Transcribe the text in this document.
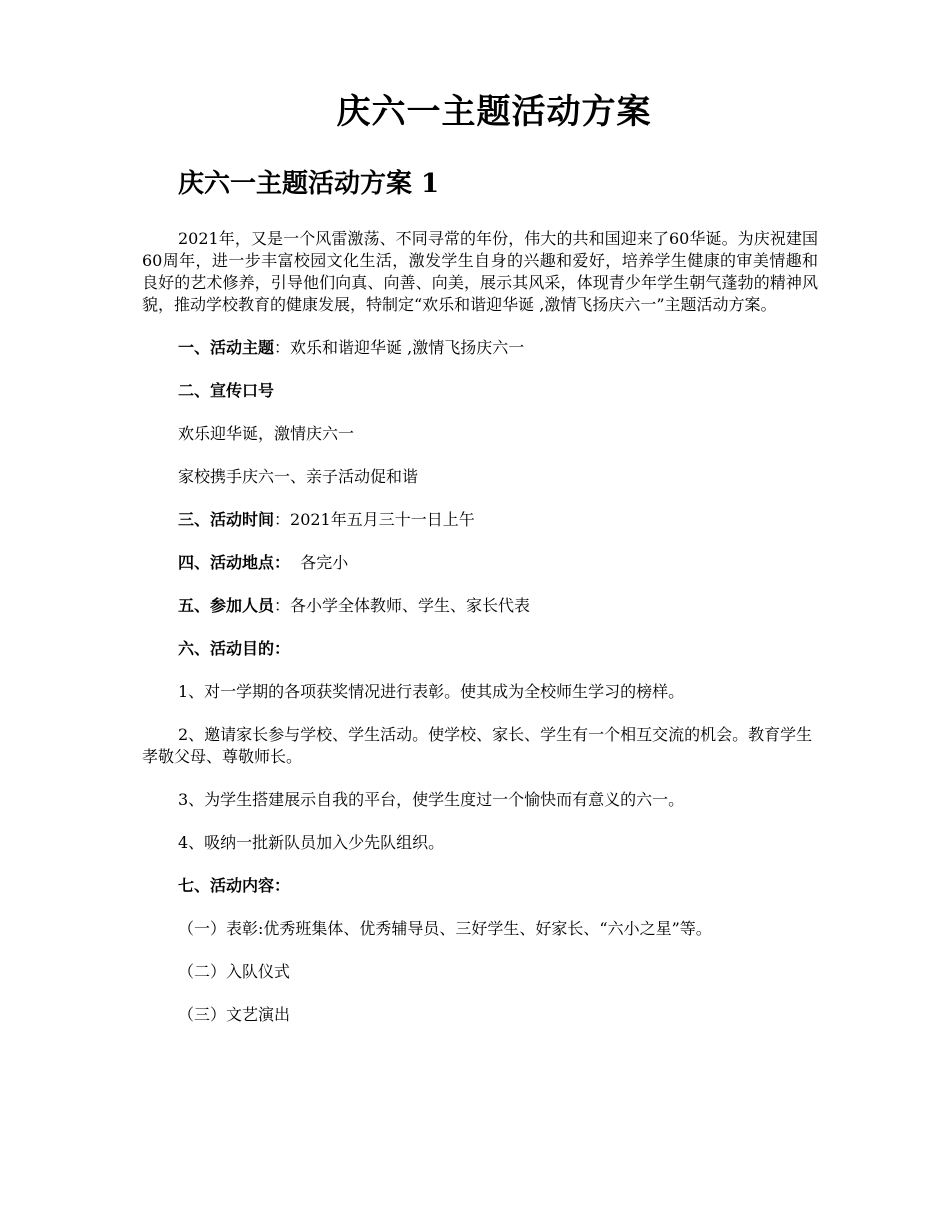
庆六一主题活动方案
庆六一主题活动方案 1

2021年，又是一个风雷激荡、不同寻常的年份，伟大的共和国迎来了60华诞。为庆祝建国60周年，进一步丰富校园文化生活，激发学生自身的兴趣和爱好，培养学生健康的审美情趣和良好的艺术修养，引导他们向真、向善、向美，展示其风采，体现青少年学生朝气蓬勃的精神风貌，推动学校教育的健康发展，特制定“欢乐和谐迎华诞 ,激情飞扬庆六一”主题活动方案。

一、活动主题：欢乐和谐迎华诞 ,激情飞扬庆六一

二、宣传口号

欢乐迎华诞，激情庆六一

家校携手庆六一、亲子活动促和谐

三、活动时间：2021年五月三十一日上午

四、活动地点：  各完小

五、参加人员：各小学全体教师、学生、家长代表

六、活动目的：

1、对一学期的各项获奖情况进行表彰。使其成为全校师生学习的榜样。

2、邀请家长参与学校、学生活动。使学校、家长、学生有一个相互交流的机会。教育学生孝敬父母、尊敬师长。

3、为学生搭建展示自我的平台，使学生度过一个愉快而有意义的六一。

4、吸纳一批新队员加入少先队组织。

七、活动内容：

（一）表彰:优秀班集体、优秀辅导员、三好学生、好家长、“六小之星”等。

（二）入队仪式

（三）文艺演出
